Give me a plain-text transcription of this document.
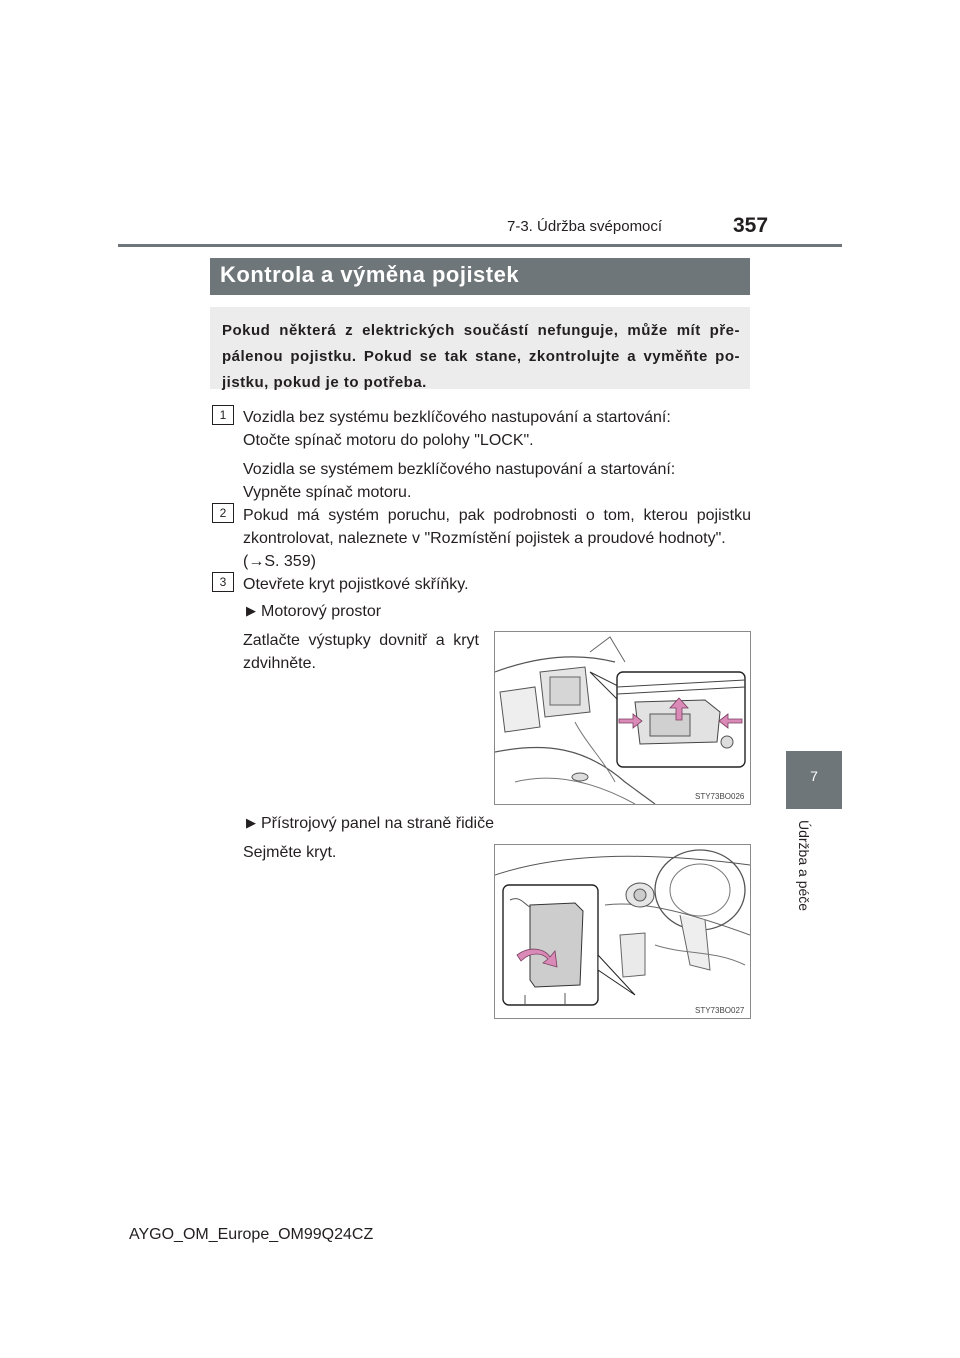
7-3. Údržba svépomocí	357
7
Údržba a péče
Kontrola a výměna pojistek
Pokud některá z elektrických součástí nefunguje, může mít pře-pálenou pojistku. Pokud se tak stane, zkontrolujte a vyměňte po-jistku, pokud je to potřeba.
1	Vozidla bez systému bezklíčového nastupování a startování:
Otočte spínač motoru do polohy "LOCK".
Vozidla se systémem bezklíčového nastupování a startování:
Vypněte spínač motoru.
2	Pokud má systém poruchu, pak podrobnosti o tom, kterou pojistku zkontrolovat, naleznete v "Rozmístění pojistek a proudové hodnoty".
(→S. 359)
3	Otevřete kryt pojistkové skříňky.
▶ Motorový prostor
Zatlačte výstupky dovnitř a kryt zdvihněte.
STY73BO026
▶ Přístrojový panel na straně řidiče
Sejměte kryt.
STY73BO027
AYGO_OM_Europe_OM99Q24CZ
